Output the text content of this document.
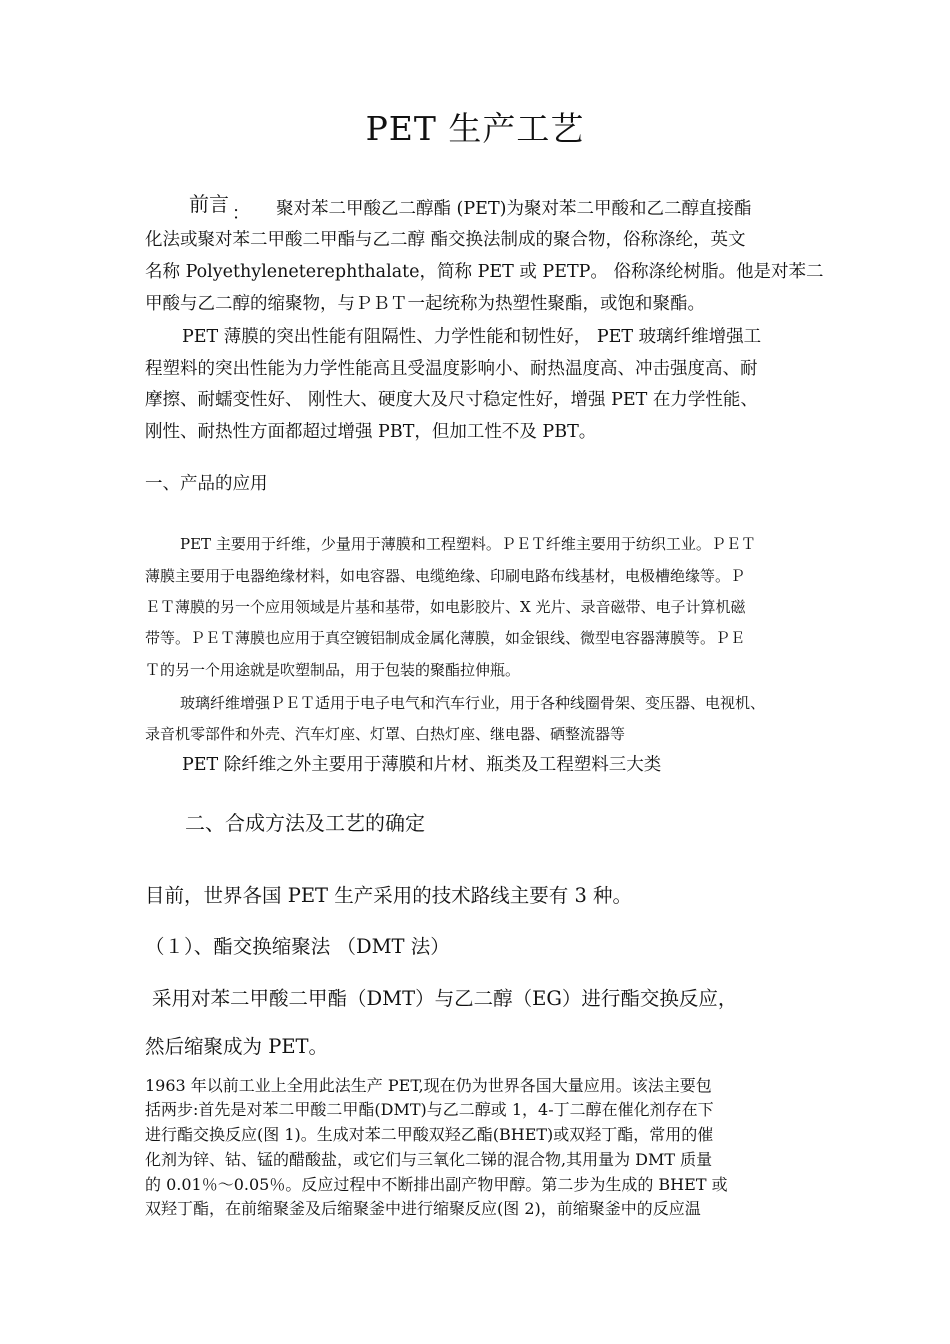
PET 生产工艺
前言 ： 聚对苯二甲酸乙二醇酯 (PET)为聚对苯二甲酸和乙二醇直接酯
化法或聚对苯二甲酸二甲酯与乙二醇 酯交换法制成的聚合物，俗称涤纶，英文
名称 Polyethyleneterephthalate，简称 PET 或 PETP。 俗称涤纶树脂。他是对苯二
甲酸与乙二醇的缩聚物，与ＰＢＴ一起统称为热塑性聚酯，或饱和聚酯。
PET 薄膜的突出性能有阻隔性、力学性能和韧性好， PET 玻璃纤维增强工
程塑料的突出性能为力学性能高且受温度影响小、耐热温度高、冲击强度高、耐
摩擦、耐蠕变性好、 刚性大、硬度大及尺寸稳定性好，增强 PET 在力学性能、
刚性、耐热性方面都超过增强 PBT，但加工性不及 PBT。
一、产品的应用
PET 主要用于纤维，少量用于薄膜和工程塑料。ＰＥＴ纤维主要用于纺织工业。ＰＥＴ
薄膜主要用于电器绝缘材料，如电容器、电缆绝缘、印刷电路布线基材，电极槽绝缘等。Ｐ
ＥＴ薄膜的另一个应用领域是片基和基带，如电影胶片、X 光片、录音磁带、电子计算机磁
带等。ＰＥＴ薄膜也应用于真空镀铝制成金属化薄膜，如金银线、微型电容器薄膜等。ＰＥ
Ｔ的另一个用途就是吹塑制品，用于包装的聚酯拉伸瓶。
玻璃纤维增强ＰＥＴ适用于电子电气和汽车行业，用于各种线圈骨架、变压器、电视机、
录音机零部件和外壳、汽车灯座、灯罩、白热灯座、继电器、硒整流器等
PET 除纤维之外主要用于薄膜和片材、瓶类及工程塑料三大类
二、合成方法及工艺的确定
目前，世界各国 PET 生产采用的技术路线主要有 3 种。
（１）、酯交换缩聚法 （DMT 法）
采用对苯二甲酸二甲酯（DMT）与乙二醇（EG）进行酯交换反应，
然后缩聚成为 PET。
1963 年以前工业上全用此法生产 PET,现在仍为世界各国大量应用。该法主要包
括两步:首先是对苯二甲酸二甲酯(DMT)与乙二醇或 1，4-丁二醇在催化剂存在下
进行酯交换反应(图 1)。生成对苯二甲酸双羟乙酯(BHET)或双羟丁酯，常用的催
化剂为锌、钴、锰的醋酸盐，或它们与三氧化二锑的混合物,其用量为 DMT 质量
的 0.01％～0.05％。反应过程中不断排出副产物甲醇。第二步为生成的 BHET 或
双羟丁酯，在前缩聚釜及后缩聚釜中进行缩聚反应(图 2)，前缩聚釜中的反应温
